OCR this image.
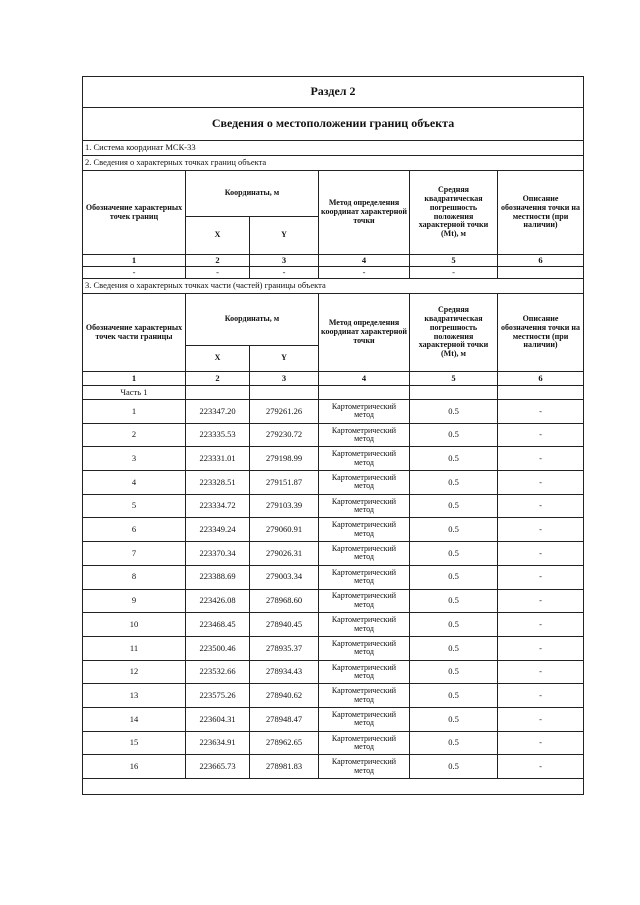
Раздел 2					
Сведения о местоположении границ объекта					
1. Система координат МСК-33					
2. Сведения о характерных точках границ объекта					
Обозначение характерных точек границ	Координаты, м		Метод определения координат характерной точки	Средняя квадратическая погрешность положения характерной точки (Mt), м	Описание обозначения точки на местности (при наличии)
	X	Y			
1	2	3	4	5	6
-	-	-	-	-	
3. Сведения о характерных точках части (частей) границы объекта					
Обозначение характерных точек части границы	Координаты, м		Метод определения координат характерной точки	Средняя квадратическая погрешность положения характерной точки (Mt), м	Описание обозначения точки на местности (при наличии)
	X	Y			
1	2	3	4	5	6
Часть 1					
1	223347.20	279261.26	Картометрический метод	0.5	-
2	223335.53	279230.72	Картометрический метод	0.5	-
3	223331.01	279198.99	Картометрический метод	0.5	-
4	223328.51	279151.87	Картометрический метод	0.5	-
5	223334.72	279103.39	Картометрический метод	0.5	-
6	223349.24	279060.91	Картометрический метод	0.5	-
7	223370.34	279026.31	Картометрический метод	0.5	-
8	223388.69	279003.34	Картометрический метод	0.5	-
9	223426.08	278968.60	Картометрический метод	0.5	-
10	223468.45	278940.45	Картометрический метод	0.5	-
11	223500.46	278935.37	Картометрический метод	0.5	-
12	223532.66	278934.43	Картометрический метод	0.5	-
13	223575.26	278940.62	Картометрический метод	0.5	-
14	223604.31	278948.47	Картометрический метод	0.5	-
15	223634.91	278962.65	Картометрический метод	0.5	-
16	223665.73	278981.83	Картометрический метод	0.5	-
